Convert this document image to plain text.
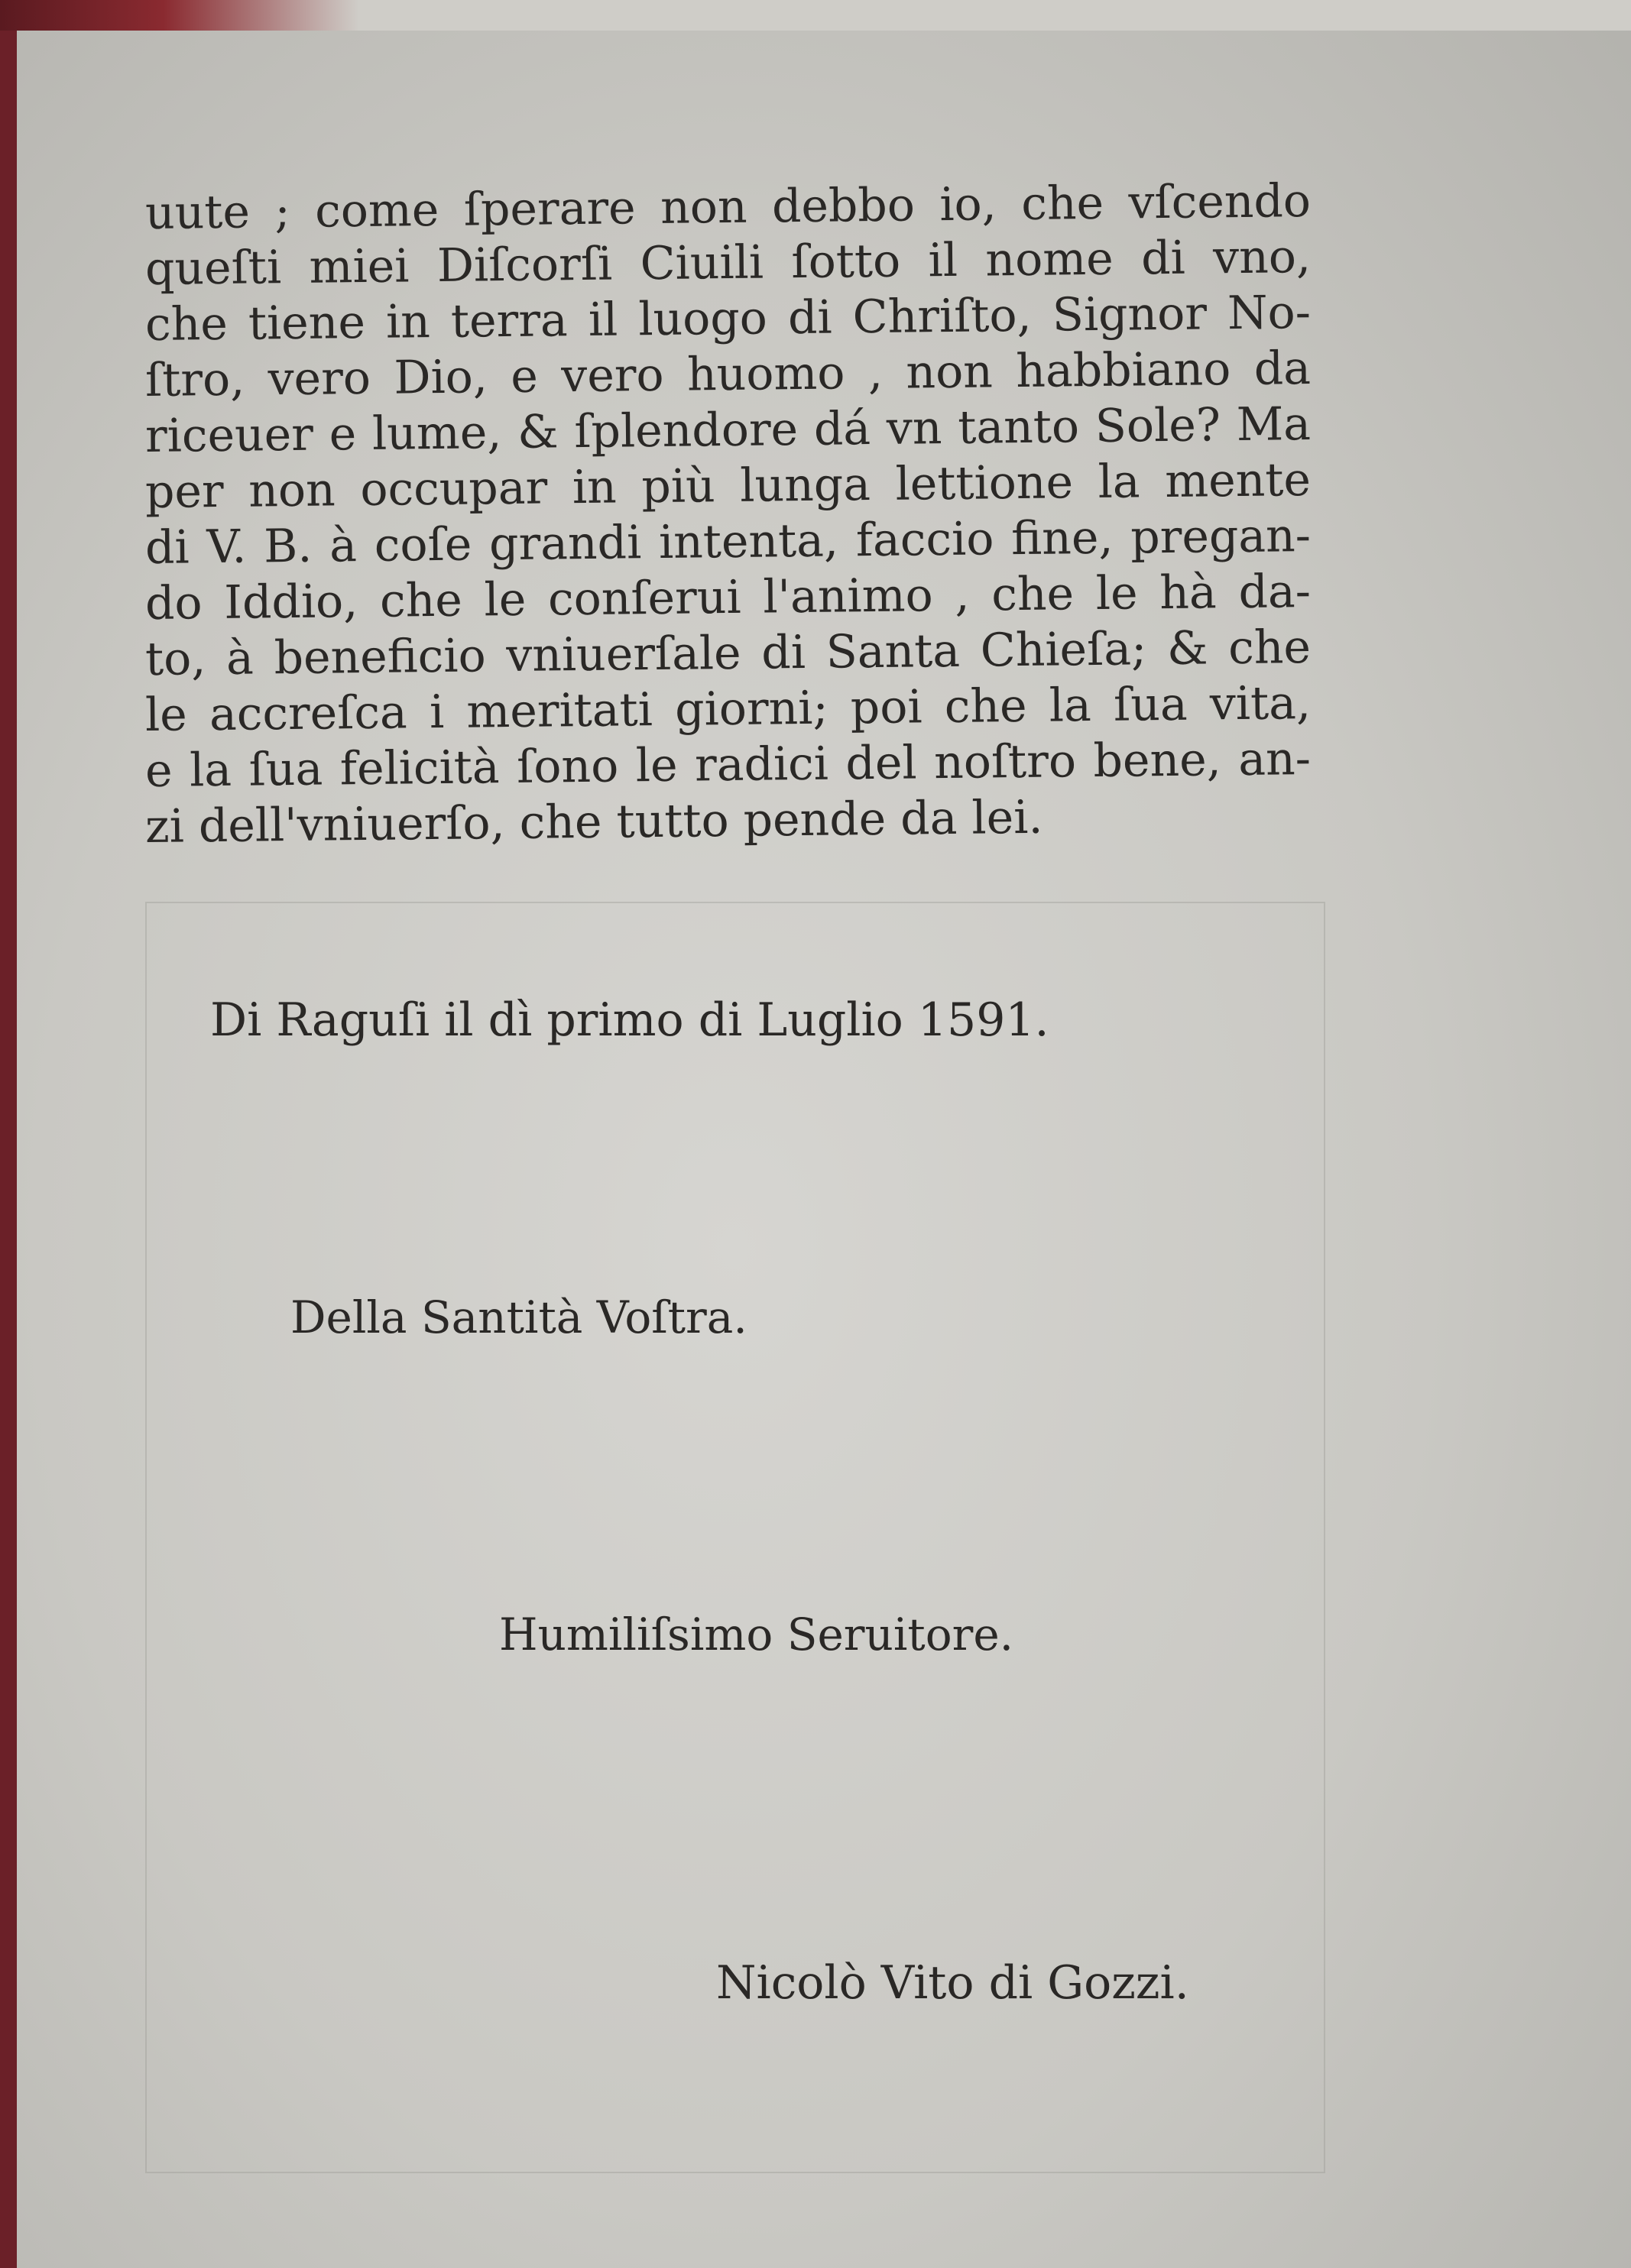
uute ; come ſperare non debbo io, che vſcendo
queſti miei Diſcorſi Ciuili ſotto il nome di vno,
che tiene in terra il luogo di Chriſto, Signor No-
ſtro, vero Dio, e vero huomo , non habbiano da
riceuer e lume, & ſplendore dá vn tanto Sole? Ma
per non occupar in più lunga lettione la mente
di V. B. à coſe grandi intenta, faccio fine, pregan-
do Iddio, che le conſerui l'animo , che le hà da-
to, à beneficio vniuerſale di Santa Chieſa; & che
le accreſca i meritati giorni; poi che la ſua vita,
e la ſua felicità ſono le radici del noſtro bene, an-
zi dell'vniuerſo, che tutto pende da lei.
Di Raguſi il dì primo di Luglio 1591.
Della Santità Voſtra.
Humiliſsimo Seruitore.
Nicolò Vito di Gozzi.
